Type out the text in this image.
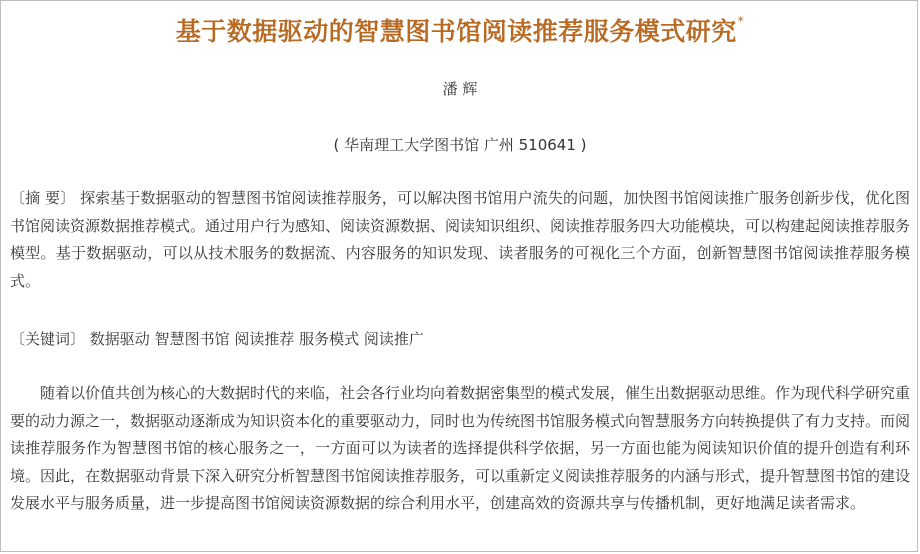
基于数据驱动的智慧图书馆阅读推荐服务模式研究*
潘 辉
( 华南理工大学图书馆 广州 510641 )
〔摘 要〕 探索基于数据驱动的智慧图书馆阅读推荐服务，可以解决图书馆用户流失的问题，加快图书馆阅读推广服务创新步伐，优化图书馆阅读资源数据推荐模式。通过用户行为感知、阅读资源数据、阅读知识组织、阅读推荐服务四大功能模块，可以构建起阅读推荐服务模型。基于数据驱动，可以从技术服务的数据流、内容服务的知识发现、读者服务的可视化三个方面，创新智慧图书馆阅读推荐服务模式。
〔关键词〕 数据驱动 智慧图书馆 阅读推荐 服务模式 阅读推广
随着以价值共创为核心的大数据时代的来临，社会各行业均向着数据密集型的模式发展，催生出数据驱动思维。作为现代科学研究重要的动力源之一，数据驱动逐渐成为知识资本化的重要驱动力，同时也为传统图书馆服务模式向智慧服务方向转换提供了有力支持。而阅读推荐服务作为智慧图书馆的核心服务之一，一方面可以为读者的选择提供科学依据，另一方面也能为阅读知识价值的提升创造有利环境。因此，在数据驱动背景下深入研究分析智慧图书馆阅读推荐服务，可以重新定义阅读推荐服务的内涵与形式，提升智慧图书馆的建设发展水平与服务质量，进一步提高图书馆阅读资源数据的综合利用水平，创建高效的资源共享与传播机制，更好地满足读者需求。
